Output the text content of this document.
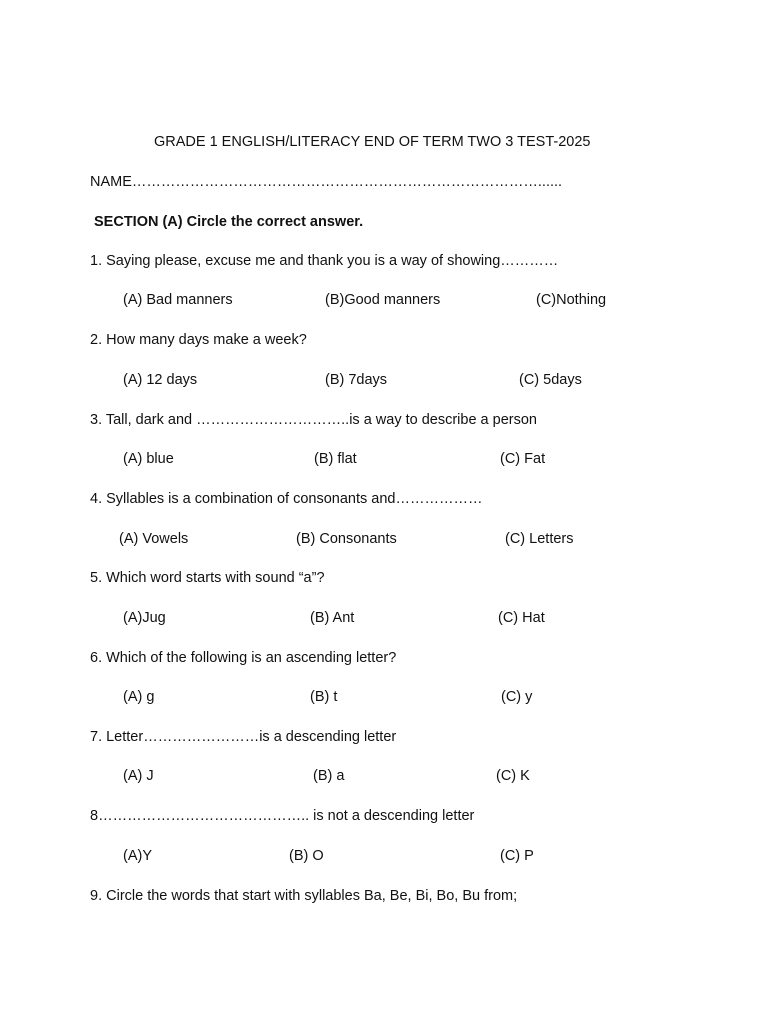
GRADE 1 ENGLISH/LITERACY END OF TERM TWO 3 TEST-2025
NAME…………………………………………………………………………......
SECTION (A) Circle the correct answer.
1. Saying please, excuse me and thank you is a way of showing…………
(A) Bad manners	(B)Good manners	(C)Nothing
2. How many days make a week?
(A) 12 days	(B) 7days	(C) 5days
3. Tall, dark and …………………………..is a way to describe a person
(A) blue	(B) flat	(C) Fat
4. Syllables is a combination of consonants and………………
(A) Vowels	(B) Consonants	(C) Letters
5. Which word starts with sound “a”?
(A)Jug	(B) Ant	(C) Hat
6. Which of the following is an ascending letter?
(A) g	(B) t	(C) y
7. Letter……………………is a descending letter
(A) J	(B) a	(C) K
8…………………………………….. is not a descending letter
(A)Y	(B) O	(C) P
9. Circle the words that start with syllables Ba, Be, Bi, Bo, Bu from;
